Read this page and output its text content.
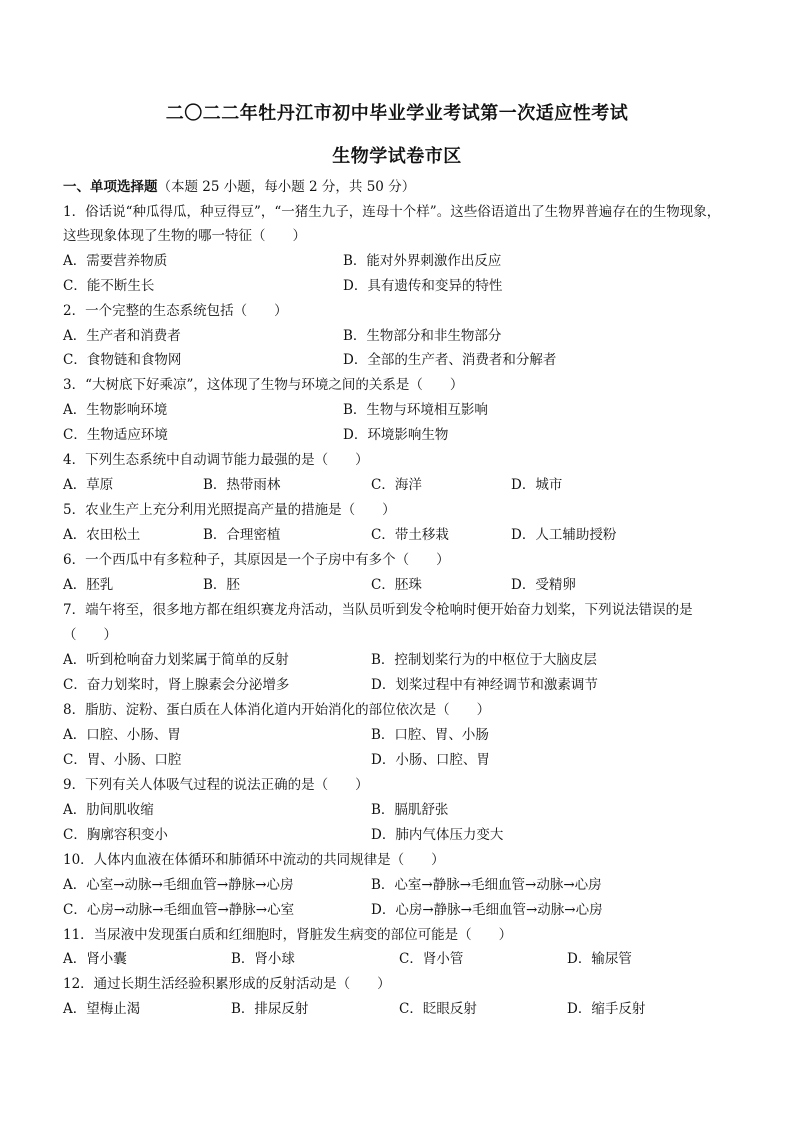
二〇二二年牡丹江市初中毕业学业考试第一次适应性考试
生物学试卷市区
一、单项选择题（本题 25 小题，每小题 2 分，共 50 分）
1．俗话说“种瓜得瓜，种豆得豆”，“一猪生九子，连母十个样”。这些俗语道出了生物界普遍存在的生物现象，
这些现象体现了生物的哪一特征（　　）
A．需要营养物质	B．能对外界刺激作出反应
C．能不断生长	D．具有遗传和变异的特性
2．一个完整的生态系统包括（　　）
A．生产者和消费者	B．生物部分和非生物部分
C．食物链和食物网	D．全部的生产者、消费者和分解者
3．“大树底下好乘凉”，这体现了生物与环境之间的关系是（　　）
A．生物影响环境	B．生物与环境相互影响
C．生物适应环境	D．环境影响生物
4．下列生态系统中自动调节能力最强的是（　　）
A．草原	B．热带雨林	C．海洋	D．城市
5．农业生产上充分利用光照提高产量的措施是（　　）
A．农田松土	B．合理密植	C．带土移栽	D．人工辅助授粉
6．一个西瓜中有多粒种子，其原因是一个子房中有多个（　　）
A．胚乳	B．胚	C．胚珠	D．受精卵
7．端午将至，很多地方都在组织赛龙舟活动，当队员听到发令枪响时便开始奋力划桨，下列说法错误的是
（　　）
A．听到枪响奋力划桨属于简单的反射	B．控制划桨行为的中枢位于大脑皮层
C．奋力划桨时，肾上腺素会分泌增多	D．划桨过程中有神经调节和激素调节
8．脂肪、淀粉、蛋白质在人体消化道内开始消化的部位依次是（　　）
A．口腔、小肠、胃	B．口腔、胃、小肠
C．胃、小肠、口腔	D．小肠、口腔、胃
9．下列有关人体吸气过程的说法正确的是（　　）
A．肋间肌收缩	B．膈肌舒张
C．胸廓容积变小	D．肺内气体压力变大
10．人体内血液在体循环和肺循环中流动的共同规律是（　　）
A．心室→动脉→毛细血管→静脉→心房	B．心室→静脉→毛细血管→动脉→心房
C．心房→动脉→毛细血管→静脉→心室	D．心房→静脉→毛细血管→动脉→心房
11．当尿液中发现蛋白质和红细胞时，肾脏发生病变的部位可能是（　　）
A．肾小囊	B．肾小球	C．肾小管	D．输尿管
12．通过长期生活经验积累形成的反射活动是（　　）
A．望梅止渴	B．排尿反射	C．眨眼反射	D．缩手反射
